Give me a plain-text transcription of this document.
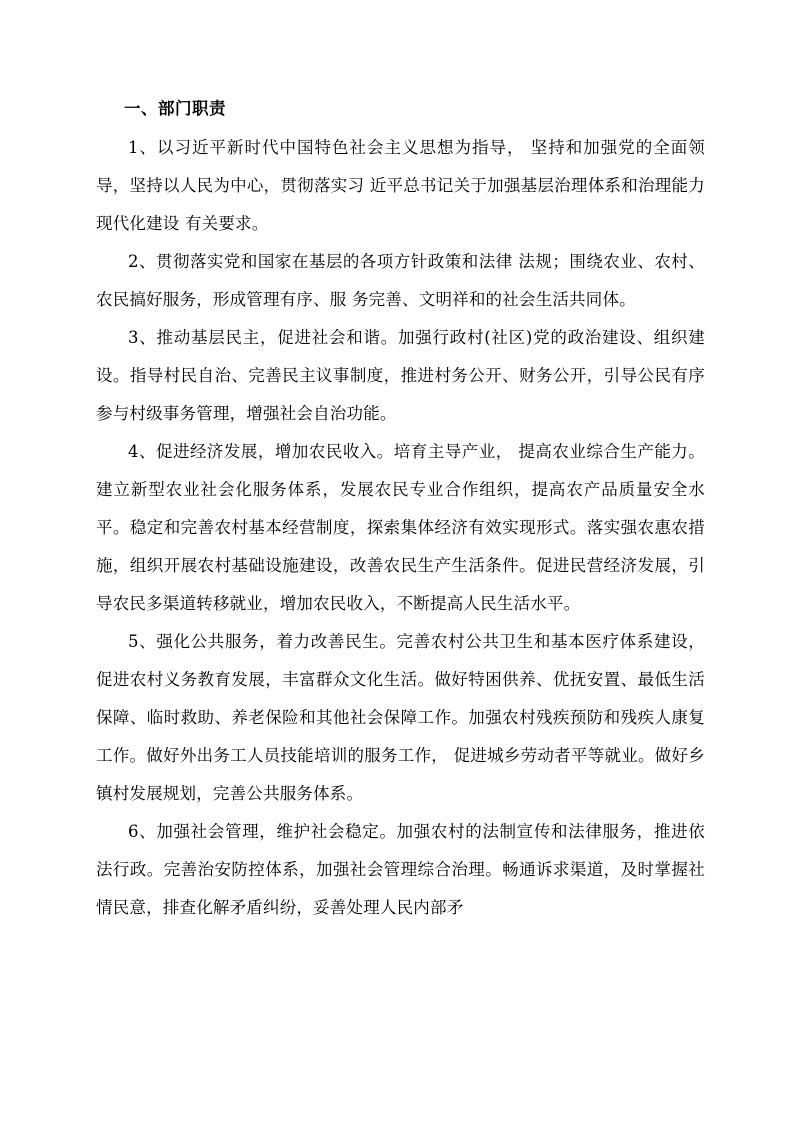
一、部门职责

1、以习近平新时代中国特色社会主义思想为指导， 坚持和加强党的全面领导，坚持以人民为中心，贯彻落实习 近平总书记关于加强基层治理体系和治理能力现代化建设 有关要求。

2、贯彻落实党和国家在基层的各项方针政策和法律 法规；围绕农业、农村、农民搞好服务，形成管理有序、服 务完善、文明祥和的社会生活共同体。

3、推动基层民主，促进社会和谐。加强行政村(社区)党的政治建设、组织建设。指导村民自治、完善民主议事制度，推进村务公开、财务公开，引导公民有序参与村级事务管理，增强社会自治功能。

4、促进经济发展，增加农民收入。培育主导产业， 提高农业综合生产能力。建立新型农业社会化服务体系，发展农民专业合作组织，提高农产品质量安全水平。稳定和完善农村基本经营制度，探索集体经济有效实现形式。落实强农惠农措施，组织开展农村基础设施建设，改善农民生产生活条件。促进民营经济发展，引导农民多渠道转移就业，增加农民收入，不断提高人民生活水平。

5、强化公共服务，着力改善民生。完善农村公共卫生和基本医疗体系建设，促进农村义务教育发展，丰富群众文化生活。做好特困供养、优抚安置、最低生活保障、临时救助、养老保险和其他社会保障工作。加强农村残疾预防和残疾人康复工作。做好外出务工人员技能培训的服务工作， 促进城乡劳动者平等就业。做好乡镇村发展规划，完善公共服务体系。

6、加强社会管理，维护社会稳定。加强农村的法制宣传和法律服务，推进依法行政。完善治安防控体系，加强社会管理综合治理。畅通诉求渠道，及时掌握社情民意，排查化解矛盾纠纷，妥善处理人民内部矛
